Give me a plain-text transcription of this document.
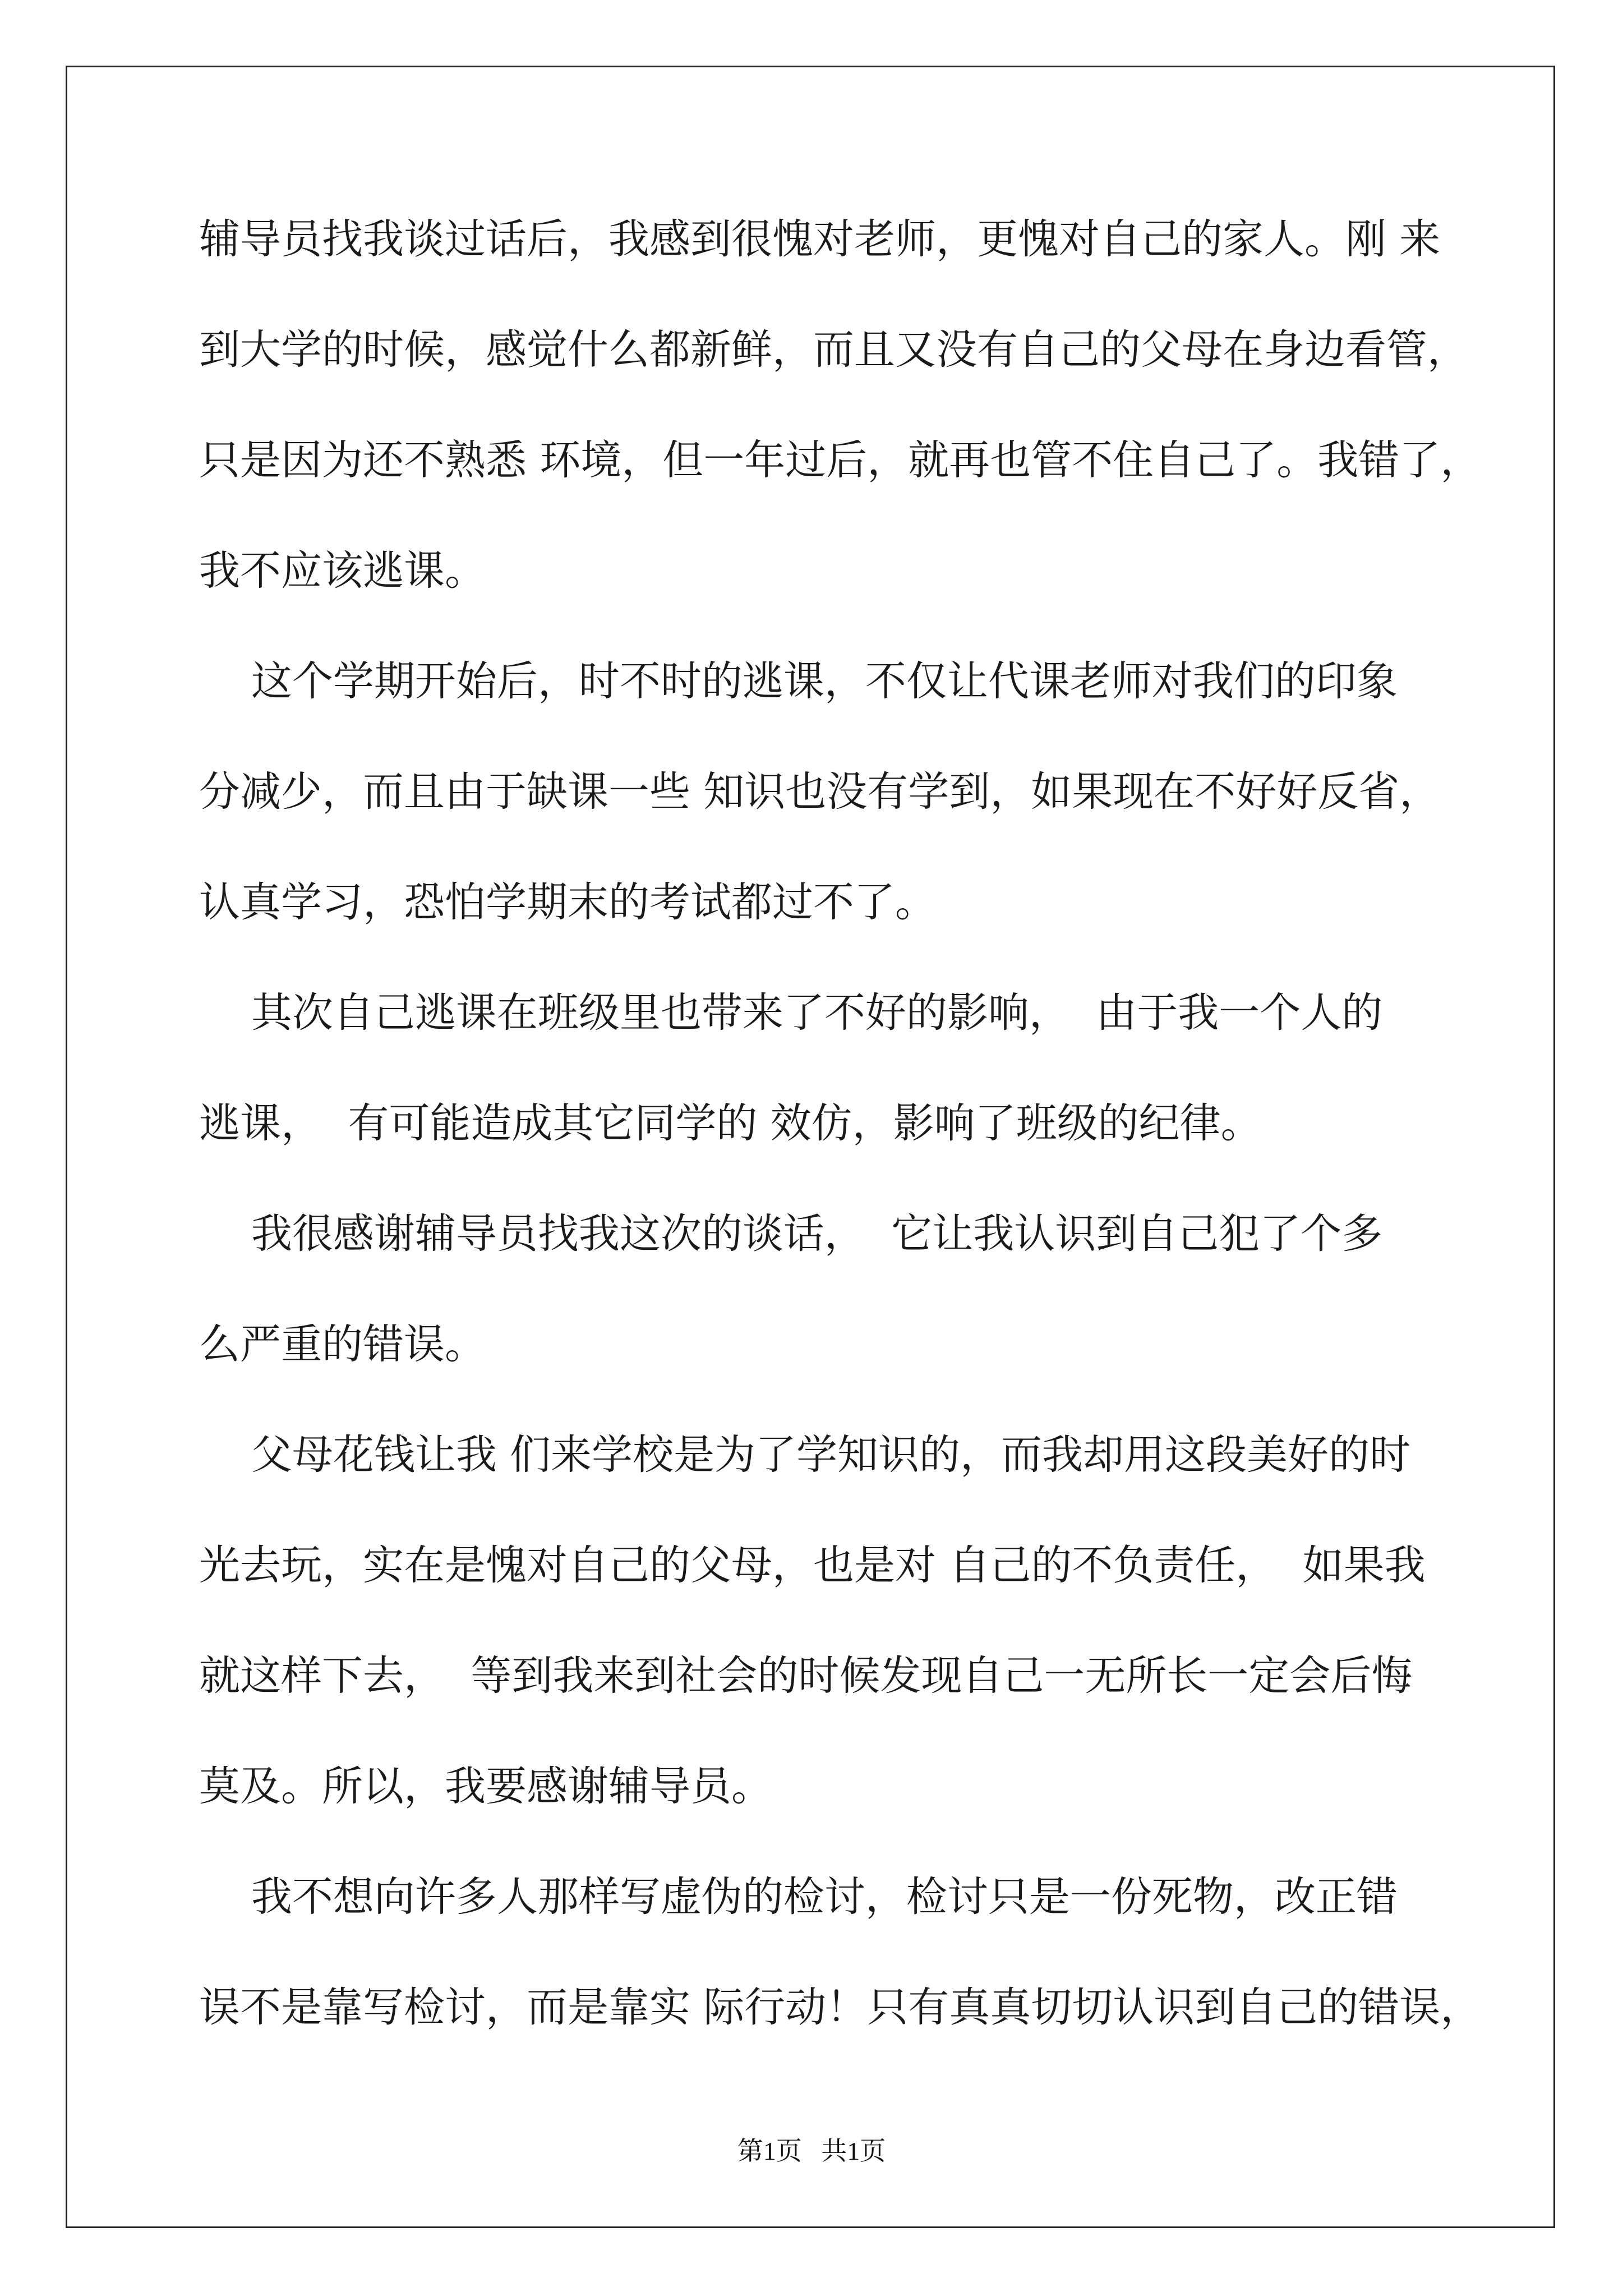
辅导员找我谈过话后，我感到很愧对老师，更愧对自己的家人。刚 来
到大学的时候，感觉什么都新鲜，而且又没有自己的父母在身边看管，
只是因为还不熟悉 环境，但一年过后，就再也管不住自己了。我错了，
我不应该逃课。
这个学期开始后，时不时的逃课，不仅让代课老师对我们的印象
分减少，而且由于缺课一些 知识也没有学到，如果现在不好好反省，
认真学习，恐怕学期末的考试都过不了。
其次自己逃课在班级里也带来了不好的影响，  由于我一个人的
逃课，  有可能造成其它同学的 效仿，影响了班级的纪律。
我很感谢辅导员找我这次的谈话，  它让我认识到自己犯了个多
么严重的错误。
父母花钱让我 们来学校是为了学知识的，而我却用这段美好的时
光去玩，实在是愧对自己的父母，也是对 自己的不负责任，  如果我
就这样下去，  等到我来到社会的时候发现自己一无所长一定会后悔
莫及。所以，我要感谢辅导员。
我不想向许多人那样写虚伪的检讨，检讨只是一份死物，改正错
误不是靠写检讨，而是靠实 际行动！只有真真切切认识到自己的错误，
第1页   共1页
